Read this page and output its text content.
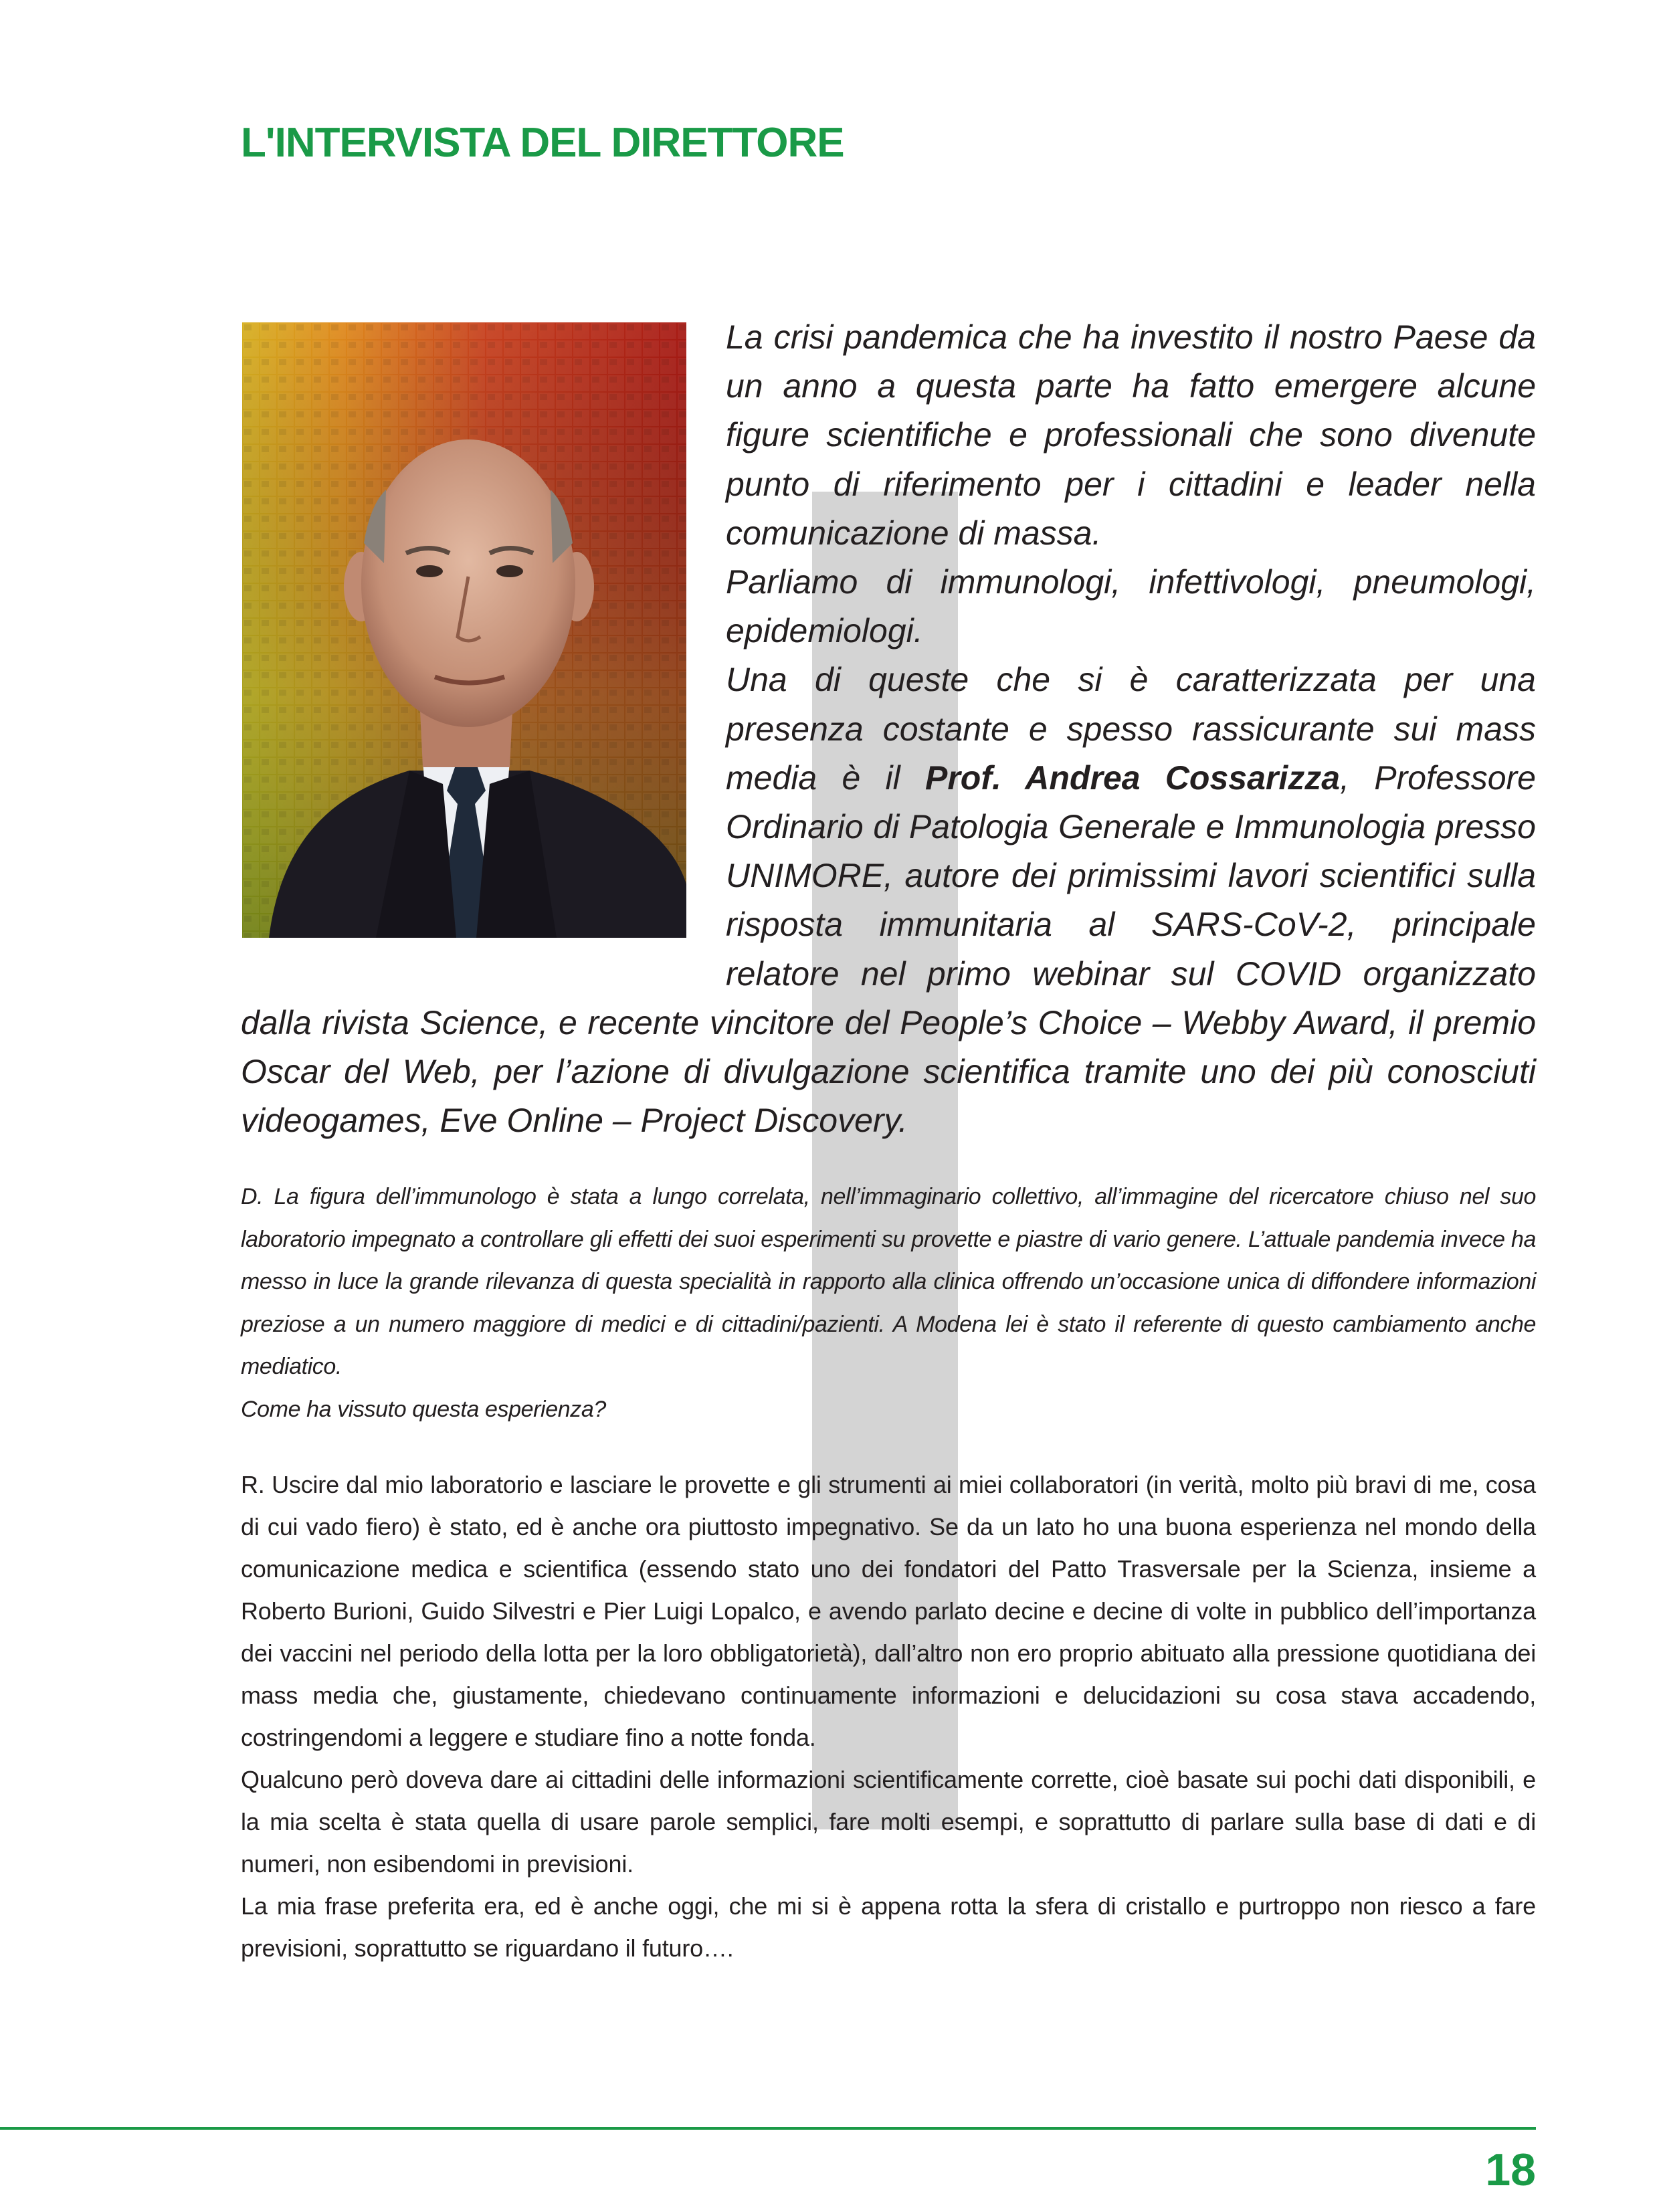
L'INTERVISTA DEL DIRETTORE

La crisi pandemica che ha investito il nostro Paese da un anno a questa parte ha fatto emergere alcune figure scientifiche e professionali che sono divenute punto di riferimento per i cittadini e leader nella comunicazione di massa.

Parliamo di immunologi, infettivologi, pneumologi, epidemiologi.

Una di queste che si è caratterizzata per una presenza costante e spesso rassicurante sui mass media è il Prof. Andrea Cossarizza, Professore Ordinario di Patologia Generale e Immunologia presso UNIMORE, autore dei primissimi lavori scientifici sulla risposta immunitaria al SARS-CoV-2, principale relatore nel primo webinar sul COVID organizzato dalla rivista Science, e recente vincitore del People’s Choice – Webby Award, il premio Oscar del Web, per l’azione di divulgazione scientifica tramite uno dei più conosciuti videogames, Eve Online – Project Discovery.

D. La figura dell’immunologo è stata a lungo correlata, nell’immaginario collettivo, all’immagine del ricercatore chiuso nel suo laboratorio impegnato a controllare gli effetti dei suoi esperimenti su provette e piastre di vario genere. L’attuale pandemia invece ha messo in luce la grande rilevanza di questa specialità in rapporto alla clinica offrendo un’occasione unica di diffondere informazioni preziose a un numero maggiore di medici e di cittadini/pazienti. A Modena lei è stato il referente di questo cambiamento anche mediatico.

Come ha vissuto questa esperienza?

R. Uscire dal mio laboratorio e lasciare le provette e gli strumenti ai miei collaboratori (in verità, molto più bravi di me, cosa di cui vado fiero) è stato, ed è anche ora piuttosto impegnativo. Se da un lato ho una buona esperienza nel mondo della comunicazione medica e scientifica (essendo stato uno dei fondatori del Patto Trasversale per la Scienza, insieme a Roberto Burioni, Guido Silvestri e Pier Luigi Lopalco, e avendo parlato decine e decine di volte in pubblico dell’importanza dei vaccini nel periodo della lotta per la loro obbligatorietà), dall’altro non ero proprio abituato alla pressione quotidiana dei mass media che, giustamente, chiedevano continuamente informazioni e delucidazioni su cosa stava accadendo, costringendomi a leggere e studiare fino a notte fonda.

Qualcuno però doveva dare ai cittadini delle informazioni scientificamente corrette, cioè basate sui pochi dati disponibili, e la mia scelta è stata quella di usare parole semplici, fare molti esempi, e soprattutto di parlare sulla base di dati e di numeri, non esibendomi in previsioni.

La mia frase preferita era, ed è anche oggi, che mi si è appena rotta la sfera di cristallo e purtroppo non riesco a fare previsioni, soprattutto se riguardano il futuro….

18
